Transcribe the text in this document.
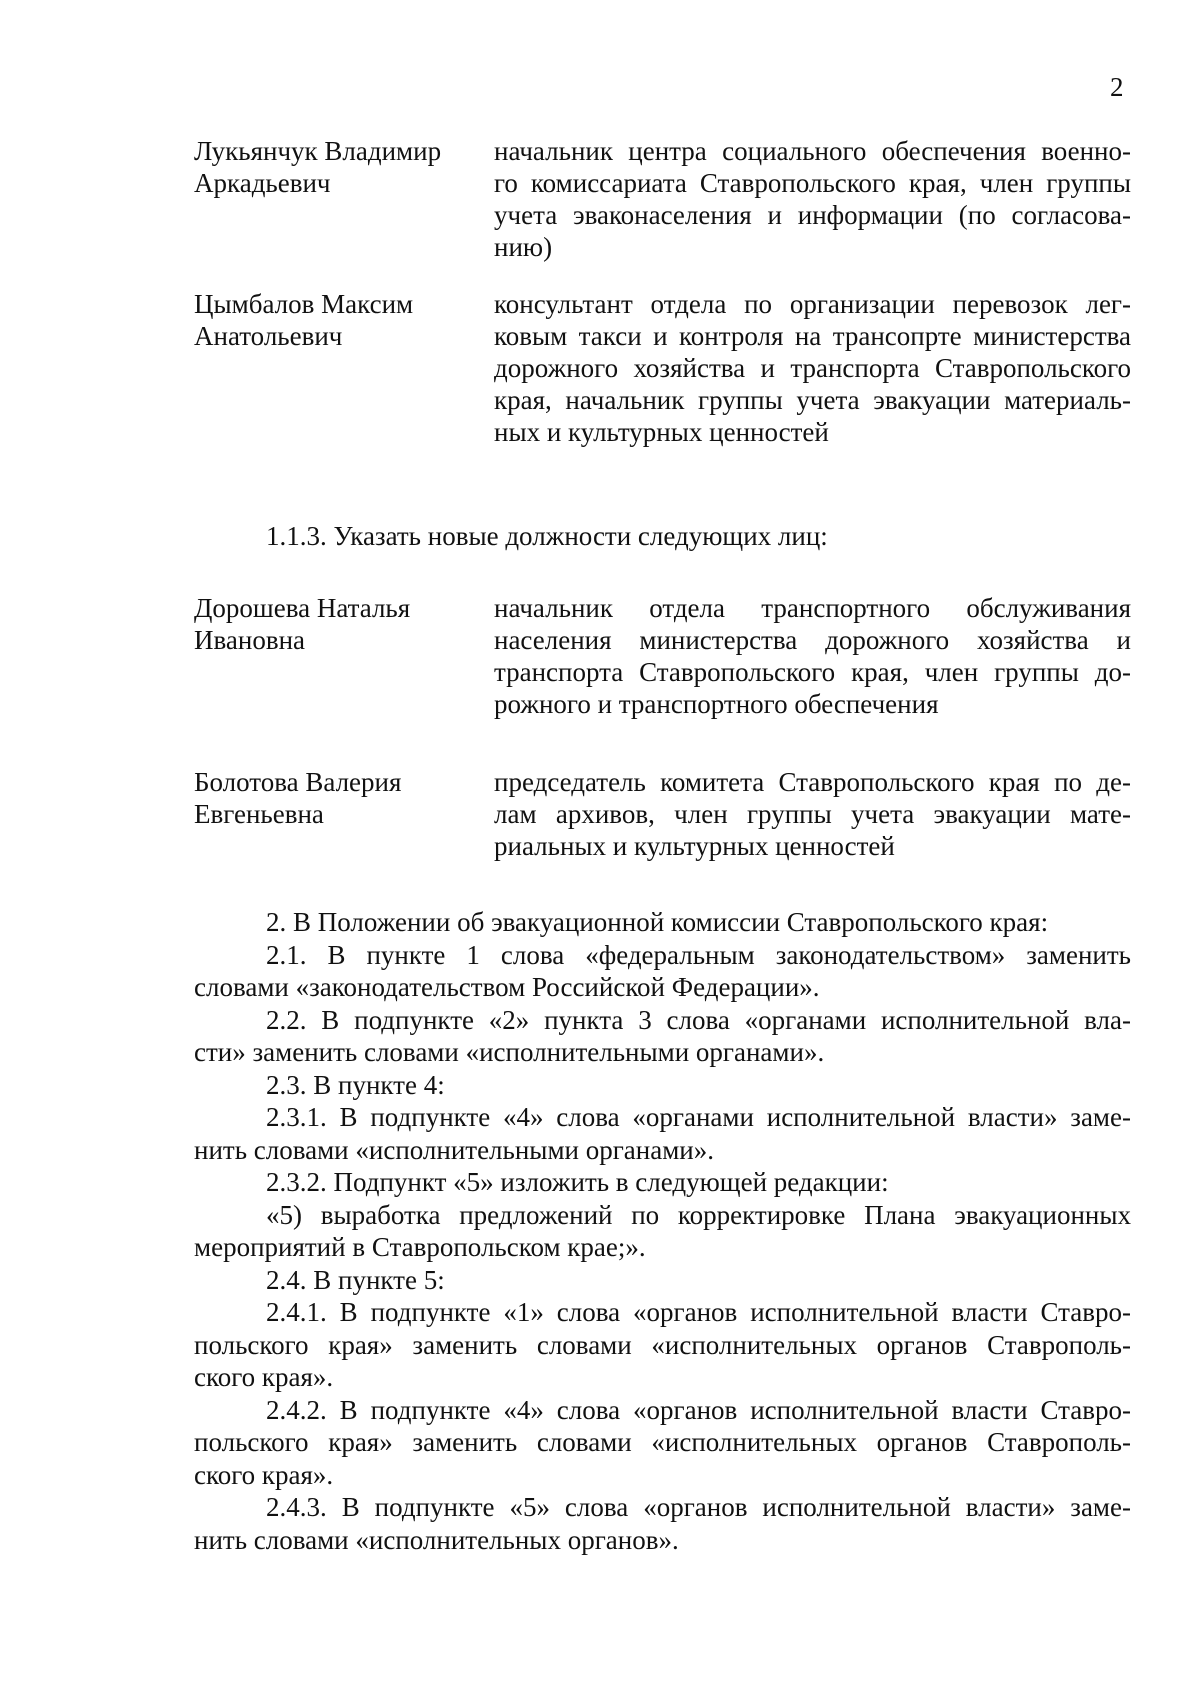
2
Лукьянчук Владимир
Аркадьевич
начальник центра социального обеспечения военно-
го комиссариата Ставропольского края, член группы
учета эваконаселения и информации (по согласова-
нию)
Цымбалов Максим
Анатольевич
консультант отдела по организации перевозок лег-
ковым такси и контроля на трансопрте министерства
дорожного хозяйства и транспорта Ставропольского
края, начальник группы учета эвакуации материаль-
ных и культурных ценностей
1.1.3. Указать новые должности следующих лиц:
Дорошева Наталья
Ивановна
начальник отдела транспортного обслуживания
населения министерства дорожного хозяйства и
транспорта Ставропольского края, член группы до-
рожного и транспортного обеспечения
Болотова Валерия
Евгеньевна
председатель комитета Ставропольского края по де-
лам архивов, член группы учета эвакуации мате-
риальных и культурных ценностей
2. В Положении об эвакуационной комиссии Ставропольского края:
2.1. В пункте 1 слова «федеральным законодательством» заменить
словами «законодательством Российской Федерации».
2.2. В подпункте «2» пункта 3 слова «органами исполнительной вла-
сти» заменить словами «исполнительными органами».
2.3. В пункте 4:
2.3.1. В подпункте «4» слова «органами исполнительной власти» заме-
нить словами «исполнительными органами».
2.3.2. Подпункт «5» изложить в следующей редакции:
«5) выработка предложений по корректировке Плана эвакуационных
мероприятий в Ставропольском крае;».
2.4. В пункте 5:
2.4.1. В подпункте «1» слова «органов исполнительной власти Ставро-
польского края» заменить словами «исполнительных органов Ставрополь-
ского края».
2.4.2. В подпункте «4» слова «органов исполнительной власти Ставро-
польского края» заменить словами «исполнительных органов Ставрополь-
ского края».
2.4.3. В подпункте «5» слова «органов исполнительной власти» заме-
нить словами «исполнительных органов».
